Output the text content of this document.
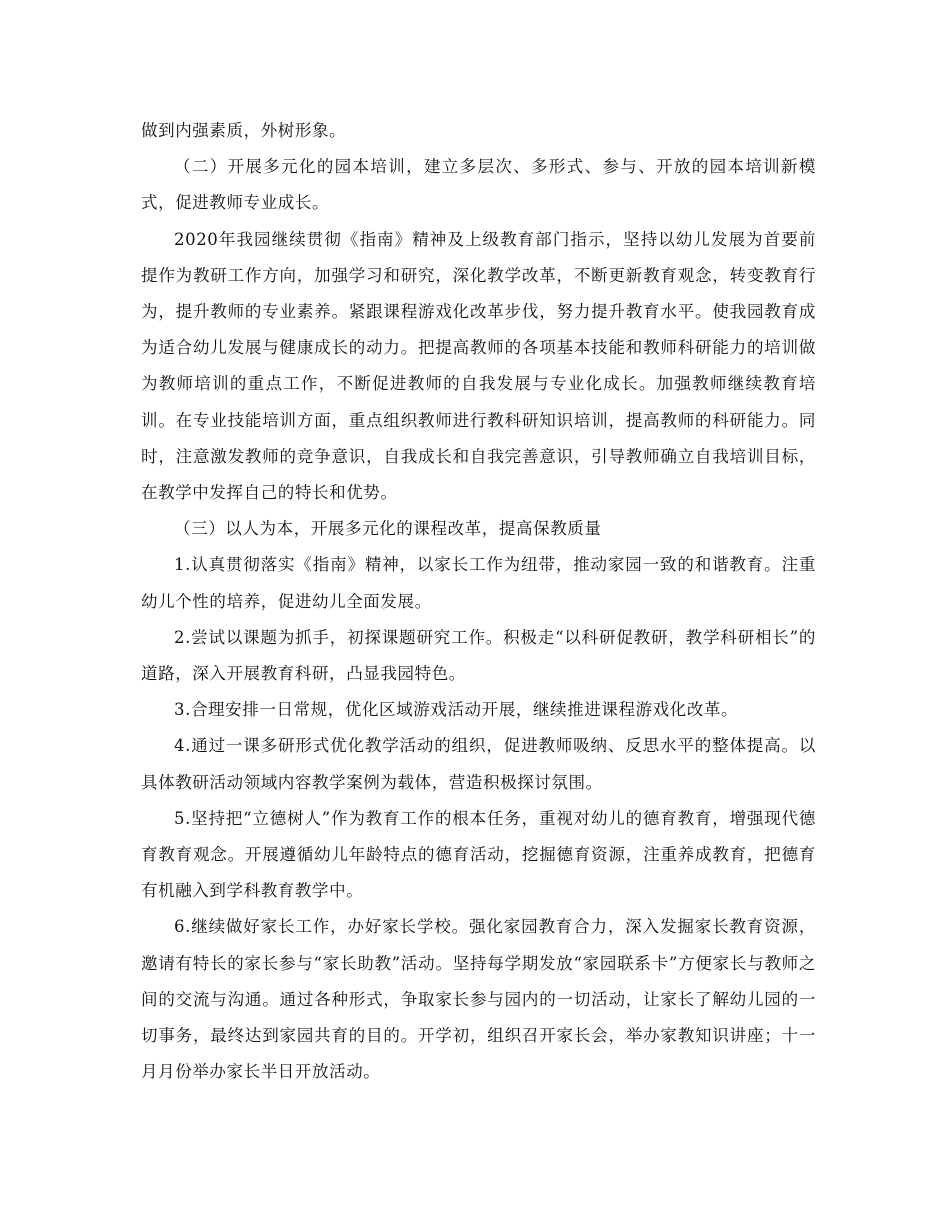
做到内强素质，外树形象。

（二）开展多元化的园本培训，建立多层次、多形式、参与、开放的园本培训新模式，促进教师专业成长。

2020年我园继续贯彻《指南》精神及上级教育部门指示，坚持以幼儿发展为首要前提作为教研工作方向，加强学习和研究，深化教学改革，不断更新教育观念，转变教育行为，提升教师的专业素养。紧跟课程游戏化改革步伐，努力提升教育水平。使我园教育成为适合幼儿发展与健康成长的动力。把提高教师的各项基本技能和教师科研能力的培训做为教师培训的重点工作，不断促进教师的自我发展与专业化成长。加强教师继续教育培训。在专业技能培训方面，重点组织教师进行教科研知识培训，提高教师的科研能力。同时，注意激发教师的竞争意识，自我成长和自我完善意识，引导教师确立自我培训目标，在教学中发挥自己的特长和优势。

（三）以人为本，开展多元化的课程改革，提高保教质量

1.认真贯彻落实《指南》精神，以家长工作为纽带，推动家园一致的和谐教育。注重幼儿个性的培养，促进幼儿全面发展。

2.尝试以课题为抓手，初探课题研究工作。积极走“以科研促教研，教学科研相长”的道路，深入开展教育科研，凸显我园特色。

3.合理安排一日常规，优化区域游戏活动开展，继续推进课程游戏化改革。

4.通过一课多研形式优化教学活动的组织，促进教师吸纳、反思水平的整体提高。以具体教研活动领域内容教学案例为载体，营造积极探讨氛围。

5.坚持把“立德树人”作为教育工作的根本任务，重视对幼儿的德育教育，增强现代德育教育观念。开展遵循幼儿年龄特点的德育活动，挖掘德育资源，注重养成教育，把德育有机融入到学科教育教学中。

6.继续做好家长工作，办好家长学校。强化家园教育合力，深入发掘家长教育资源，邀请有特长的家长参与“家长助教”活动。坚持每学期发放“家园联系卡”方便家长与教师之间的交流与沟通。通过各种形式，争取家长参与园内的一切活动，让家长了解幼儿园的一切事务，最终达到家园共育的目的。开学初，组织召开家长会，举办家教知识讲座；十一月月份举办家长半日开放活动。
